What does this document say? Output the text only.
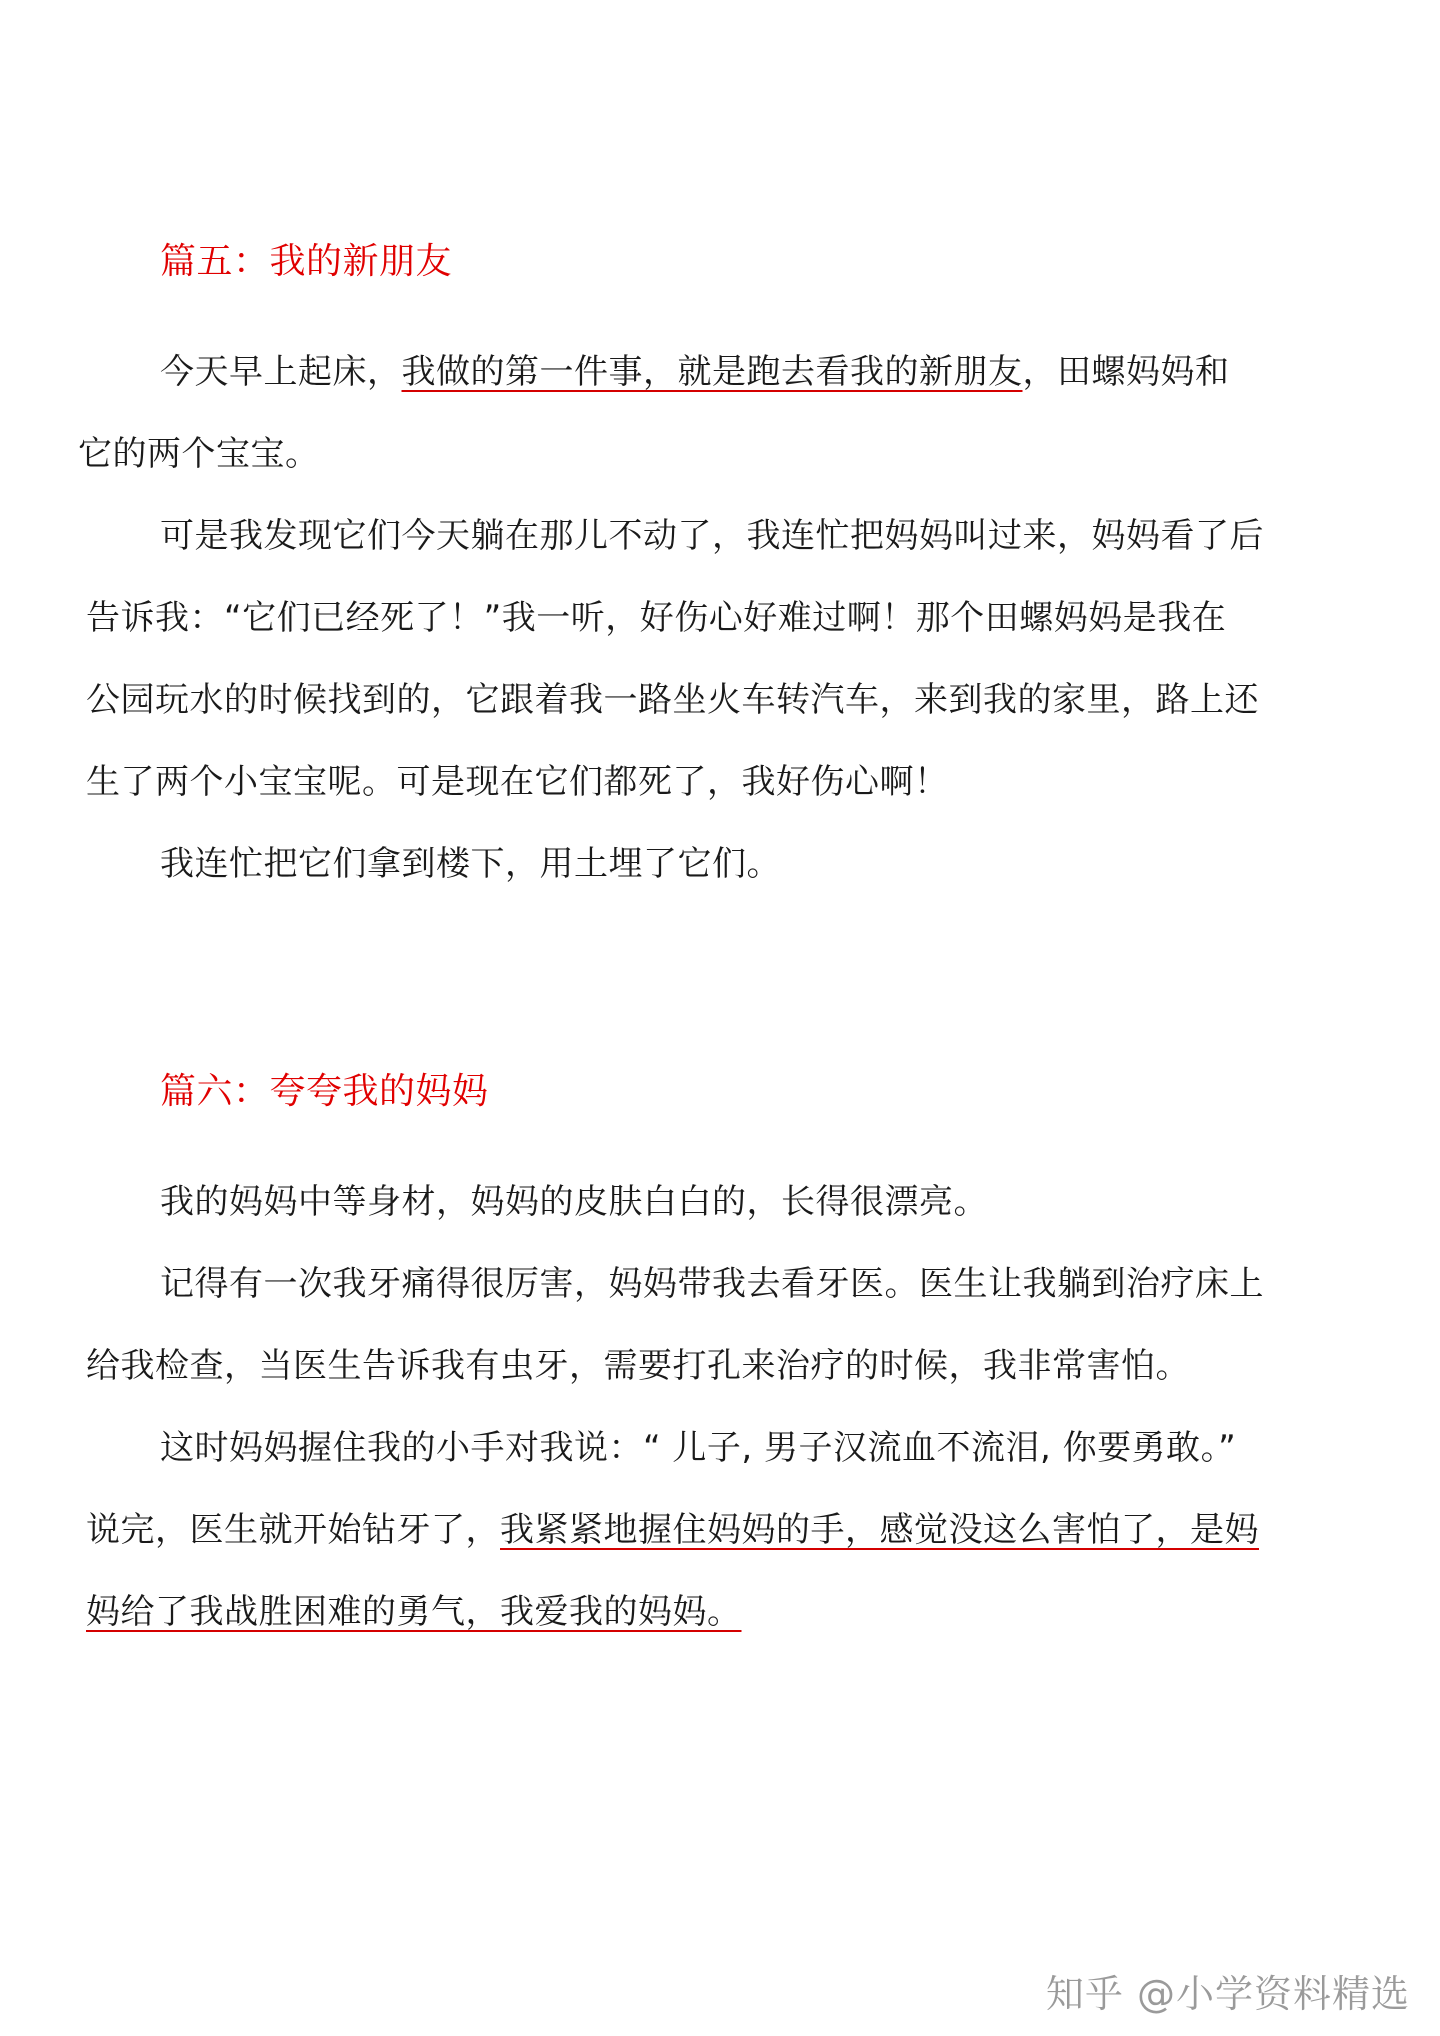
篇五：我的新朋友
今天早上起床，我做的第一件事，就是跑去看我的新朋友，田螺妈妈和
它的两个宝宝。
可是我发现它们今天躺在那儿不动了，我连忙把妈妈叫过来，妈妈看了后
告诉我：“它们已经死了！”我一听，好伤心好难过啊！那个田螺妈妈是我在
公园玩水的时候找到的，它跟着我一路坐火车转汽车，来到我的家里，路上还
生了两个小宝宝呢。可是现在它们都死了，我好伤心啊！
我连忙把它们拿到楼下，用土埋了它们。
篇六：夸夸我的妈妈
我的妈妈中等身材，妈妈的皮肤白白的，长得很漂亮。
记得有一次我牙痛得很厉害，妈妈带我去看牙医。医生让我躺到治疗床上
给我检查，当医生告诉我有虫牙，需要打孔来治疗的时候，我非常害怕。
这时妈妈握住我的小手对我说：“ 儿子, 男子汉流血不流泪, 你要勇敢。”
说完，医生就开始钻牙了，我紧紧地握住妈妈的手，感觉没这么害怕了，是妈
妈给了我战胜困难的勇气，我爱我的妈妈。
知乎 @小学资料精选
